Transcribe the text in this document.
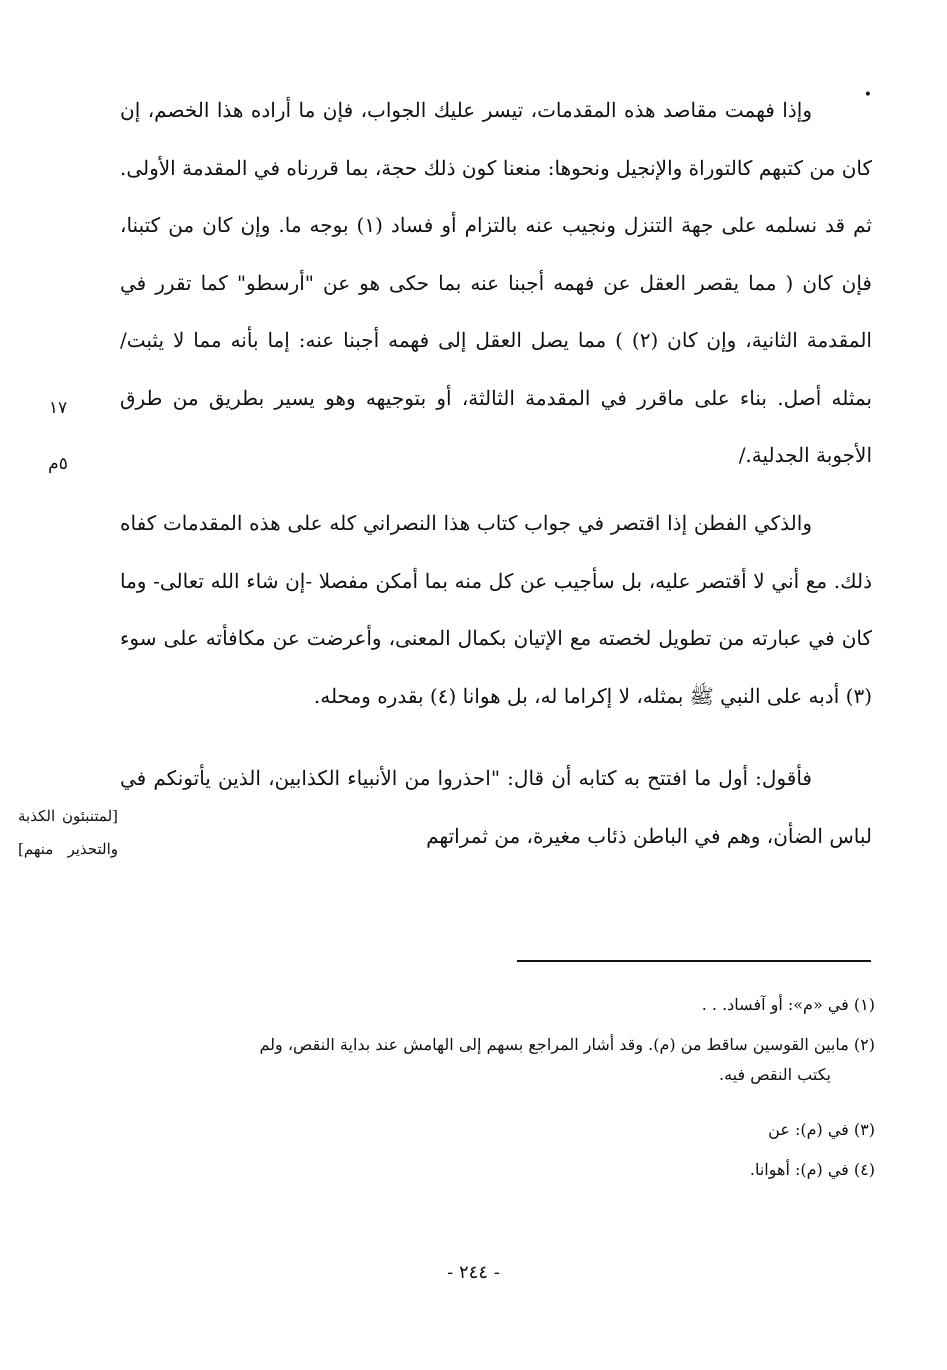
•

وإذا فهمت مقاصد هذه المقدمات، تيسر عليك الجواب، فإن ما أراده هذا الخصم، إن كان من كتبهم كالتوراة والإنجيل ونحوها: منعنا كون ذلك حجة، بما قررناه في المقدمة الأولى. ثم قد نسلمه على جهة التنزل ونجيب عنه بالتزام أو فساد (١) بوجه ما. وإن كان من كتبنا، فإن كان ( مما يقصر العقل عن فهمه أجبنا عنه بما حكى هو عن "أرسطو" كما تقرر في المقدمة الثانية، وإن كان (٢) ) مما يصل العقل إلى فهمه أجبنا عنه: إما بأنه مما لا يثبت/ بمثله أصل. بناء على ماقرر في المقدمة الثالثة، أو بتوجيهه وهو يسير بطريق من طرق الأجوبة الجدلية./

والذكي الفطن إذا اقتصر في جواب كتاب هذا النصراني كله على هذه المقدمات كفاه ذلك. مع أني لا أقتصر عليه، بل سأجيب عن كل منه بما أمكن مفصلا -إن شاء الله تعالى- وما كان في عبارته من تطويل لخصته مع الإتيان بكمال المعنى، وأعرضت عن مكافأته على سوء (٣) أدبه على النبي ﷺ بمثله، لا إكراما له، بل هوانا (٤) بقدره ومحله.

فأقول: أول ما افتتح به كتابه أن قال: "احذروا من الأنبياء الكذابين، الذين يأتونكم في لباس الضأن، وهم في الباطن ذئاب مغيرة، من ثمراتهم

١٧
٥م
[لمتنبئون الكذبة والتحذير منهم]

(١) في «م»: أو آفساد. . .

(٢) مابين القوسين ساقط من (م). وقد أشار المراجع بسهم إلى الهامش عند بداية النقص، ولم
يكتب النقص فيه.

(٣) في (م): عن

(٤) في (م): أهوانا.

- ٢٤٤ -
